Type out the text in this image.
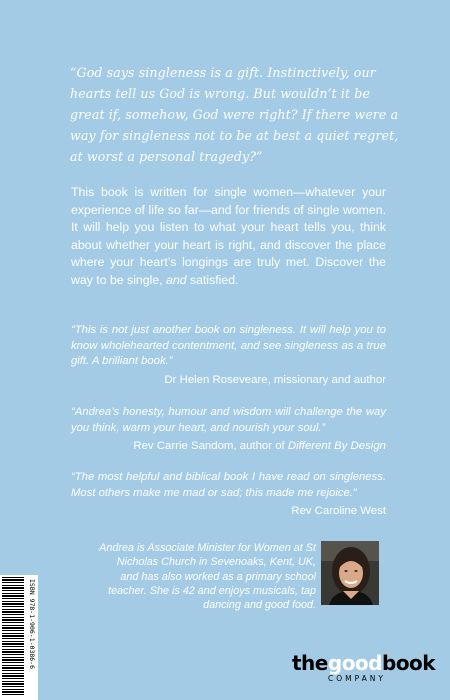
“God says singleness is a gift. Instinctively, our hearts tell us God is wrong. But wouldn’t it be great if, somehow, God were right? If there were a way for singleness not to be at best a quiet regret, at worst a personal tragedy?”
This book is written for single women—whatever your experience of life so far—and for friends of single women. It will help you listen to what your heart tells you, think about whether your heart is right, and discover the place where your heart’s longings are truly met. Discover the way to be single, and satisfied.
“This is not just another book on singleness. It will help you to know wholehearted contentment, and see singleness as a true gift. A brilliant book.”
Dr Helen Roseveare, missionary and author
“Andrea’s honesty, humour and wisdom will challenge the way you think, warm your heart, and nourish your soul.”
Rev Carrie Sandom, author of Different By Design
“The most helpful and biblical book I have read on singleness. Most others make me mad or sad; this made me rejoice.”
Rev Caroline West
Andrea is Associate Minister for Women at St Nicholas Church in Sevenoaks, Kent, UK, and has also worked as a primary school teacher. She is 42 and enjoys musicals, tap dancing and good food.
ISBN 978-1-906-1-0386-6	thegoodbook
COMPANY
